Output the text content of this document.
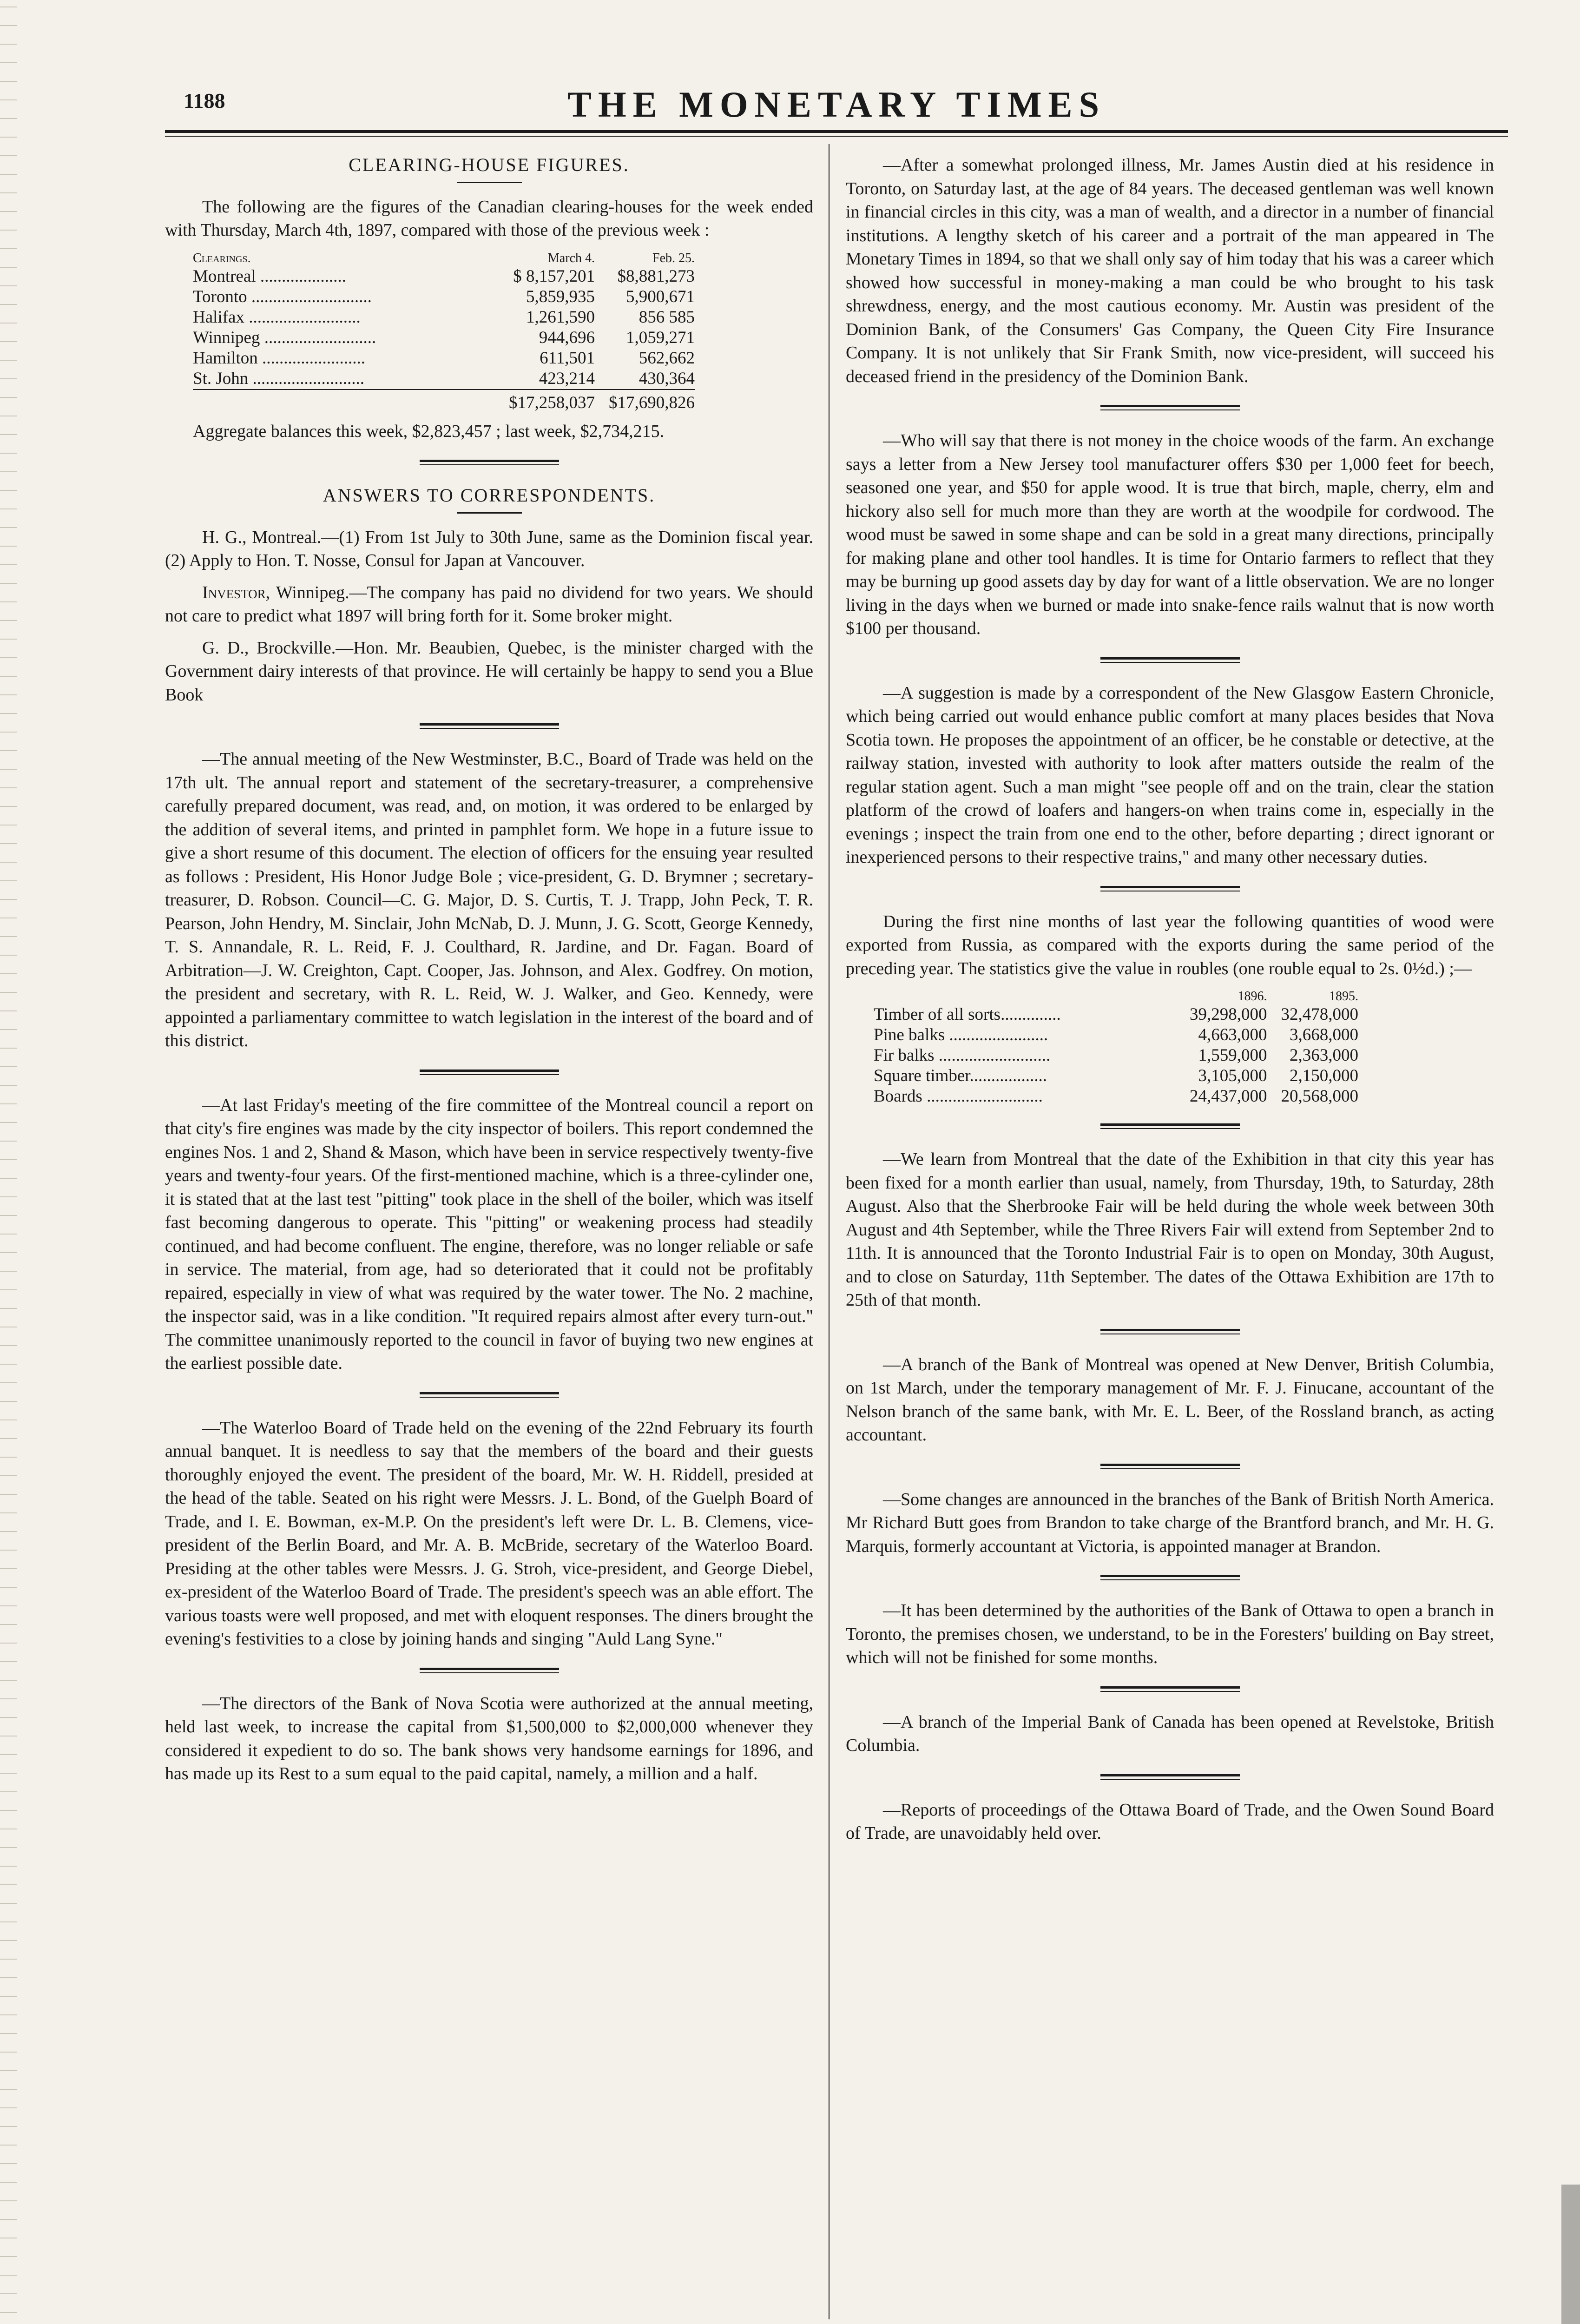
1188	THE MONETARY TIMES
CLEARING-HOUSE FIGURES.

The following are the figures of the Canadian clearing-houses for the week ended with Thursday, March 4th, 1897, compared with those of the previous week :

Clearings.	March 4.	Feb. 25.
Montreal ....................	$ 8,157,201	$8,881,273
Toronto ............................	5,859,935	5,900,671
Halifax ..........................	1,261,590	856 585
Winnipeg ..........................	944,696	1,059,271
Hamilton ........................	611,501	562,662
St. John ..........................	423,214	430,364
	$17,258,037	$17,690,826

Aggregate balances this week, $2,823,457 ; last week, $2,734,215.

ANSWERS TO CORRESPONDENTS.

H. G., Montreal.—(1) From 1st July to 30th June, same as the Dominion fiscal year. (2) Apply to Hon. T. Nosse, Consul for Japan at Vancouver.

Investor, Winnipeg.—The company has paid no dividend for two years. We should not care to predict what 1897 will bring forth for it. Some broker might.

G. D., Brockville.—Hon. Mr. Beaubien, Quebec, is the minister charged with the Government dairy interests of that province. He will certainly be happy to send you a Blue Book

—The annual meeting of the New Westminster, B.C., Board of Trade was held on the 17th ult. The annual report and statement of the secretary-treasurer, a comprehensive carefully prepared document, was read, and, on motion, it was ordered to be enlarged by the addition of several items, and printed in pamphlet form. We hope in a future issue to give a short resume of this document. The election of officers for the ensuing year resulted as follows : President, His Honor Judge Bole ; vice-president, G. D. Brymner ; secretary-treasurer, D. Robson. Council—C. G. Major, D. S. Curtis, T. J. Trapp, John Peck, T. R. Pearson, John Hendry, M. Sinclair, John McNab, D. J. Munn, J. G. Scott, George Kennedy, T. S. Annandale, R. L. Reid, F. J. Coulthard, R. Jardine, and Dr. Fagan. Board of Arbitration—J. W. Creighton, Capt. Cooper, Jas. Johnson, and Alex. Godfrey. On motion, the president and secretary, with R. L. Reid, W. J. Walker, and Geo. Kennedy, were appointed a parliamentary committee to watch legislation in the interest of the board and of this district.

—At last Friday's meeting of the fire committee of the Montreal council a report on that city's fire engines was made by the city inspector of boilers. This report condemned the engines Nos. 1 and 2, Shand & Mason, which have been in service respectively twenty-five years and twenty-four years. Of the first-mentioned machine, which is a three-cylinder one, it is stated that at the last test "pitting" took place in the shell of the boiler, which was itself fast becoming dangerous to operate. This "pitting" or weakening process had steadily continued, and had become confluent. The engine, therefore, was no longer reliable or safe in service. The material, from age, had so deteriorated that it could not be profitably repaired, especially in view of what was required by the water tower. The No. 2 machine, the inspector said, was in a like condition. "It required repairs almost after every turn-out." The committee unanimously reported to the council in favor of buying two new engines at the earliest possible date.

—The Waterloo Board of Trade held on the evening of the 22nd February its fourth annual banquet. It is needless to say that the members of the board and their guests thoroughly enjoyed the event. The president of the board, Mr. W. H. Riddell, presided at the head of the table. Seated on his right were Messrs. J. L. Bond, of the Guelph Board of Trade, and I. E. Bowman, ex-M.P. On the president's left were Dr. L. B. Clemens, vice-president of the Berlin Board, and Mr. A. B. McBride, secretary of the Waterloo Board. Presiding at the other tables were Messrs. J. G. Stroh, vice-president, and George Diebel, ex-president of the Waterloo Board of Trade. The president's speech was an able effort. The various toasts were well proposed, and met with eloquent responses. The diners brought the evening's festivities to a close by joining hands and singing "Auld Lang Syne."

—The directors of the Bank of Nova Scotia were authorized at the annual meeting, held last week, to increase the capital from $1,500,000 to $2,000,000 whenever they considered it expedient to do so. The bank shows very handsome earnings for 1896, and has made up its Rest to a sum equal to the paid capital, namely, a million and a half.

—After a somewhat prolonged illness, Mr. James Austin died at his residence in Toronto, on Saturday last, at the age of 84 years. The deceased gentleman was well known in financial circles in this city, was a man of wealth, and a director in a number of financial institutions. A lengthy sketch of his career and a portrait of the man appeared in The Monetary Times in 1894, so that we shall only say of him today that his was a career which showed how successful in money-making a man could be who brought to his task shrewdness, energy, and the most cautious economy. Mr. Austin was president of the Dominion Bank, of the Consumers' Gas Company, the Queen City Fire Insurance Company. It is not unlikely that Sir Frank Smith, now vice-president, will succeed his deceased friend in the presidency of the Dominion Bank.

—Who will say that there is not money in the choice woods of the farm. An exchange says a letter from a New Jersey tool manufacturer offers $30 per 1,000 feet for beech, seasoned one year, and $50 for apple wood. It is true that birch, maple, cherry, elm and hickory also sell for much more than they are worth at the woodpile for cordwood. The wood must be sawed in some shape and can be sold in a great many directions, principally for making plane and other tool handles. It is time for Ontario farmers to reflect that they may be burning up good assets day by day for want of a little observation. We are no longer living in the days when we burned or made into snake-fence rails walnut that is now worth $100 per thousand.

—A suggestion is made by a correspondent of the New Glasgow Eastern Chronicle, which being carried out would enhance public comfort at many places besides that Nova Scotia town. He proposes the appointment of an officer, be he constable or detective, at the railway station, invested with authority to look after matters outside the realm of the regular station agent. Such a man might "see people off and on the train, clear the station platform of the crowd of loafers and hangers-on when trains come in, especially in the evenings ; inspect the train from one end to the other, before departing ; direct ignorant or inexperienced persons to their respective trains," and many other necessary duties.

During the first nine months of last year the following quantities of wood were exported from Russia, as compared with the exports during the same period of the preceding year. The statistics give the value in roubles (one rouble equal to 2s. 0½d.) ;—

	1896.	1895.
Timber of all sorts..............	39,298,000	32,478,000
Pine balks .......................	4,663,000	3,668,000
Fir balks ..........................	1,559,000	2,363,000
Square timber..................	3,105,000	2,150,000
Boards ...........................	24,437,000	20,568,000

—We learn from Montreal that the date of the Exhibition in that city this year has been fixed for a month earlier than usual, namely, from Thursday, 19th, to Saturday, 28th August. Also that the Sherbrooke Fair will be held during the whole week between 30th August and 4th September, while the Three Rivers Fair will extend from September 2nd to 11th. It is announced that the Toronto Industrial Fair is to open on Monday, 30th August, and to close on Saturday, 11th September. The dates of the Ottawa Exhibition are 17th to 25th of that month.

—A branch of the Bank of Montreal was opened at New Denver, British Columbia, on 1st March, under the temporary management of Mr. F. J. Finucane, accountant of the Nelson branch of the same bank, with Mr. E. L. Beer, of the Rossland branch, as acting accountant.

—Some changes are announced in the branches of the Bank of British North America. Mr Richard Butt goes from Brandon to take charge of the Brantford branch, and Mr. H. G. Marquis, formerly accountant at Victoria, is appointed manager at Brandon.

—It has been determined by the authorities of the Bank of Ottawa to open a branch in Toronto, the premises chosen, we understand, to be in the Foresters' building on Bay street, which will not be finished for some months.

—A branch of the Imperial Bank of Canada has been opened at Revelstoke, British Columbia.

—Reports of proceedings of the Ottawa Board of Trade, and the Owen Sound Board of Trade, are unavoidably held over.
